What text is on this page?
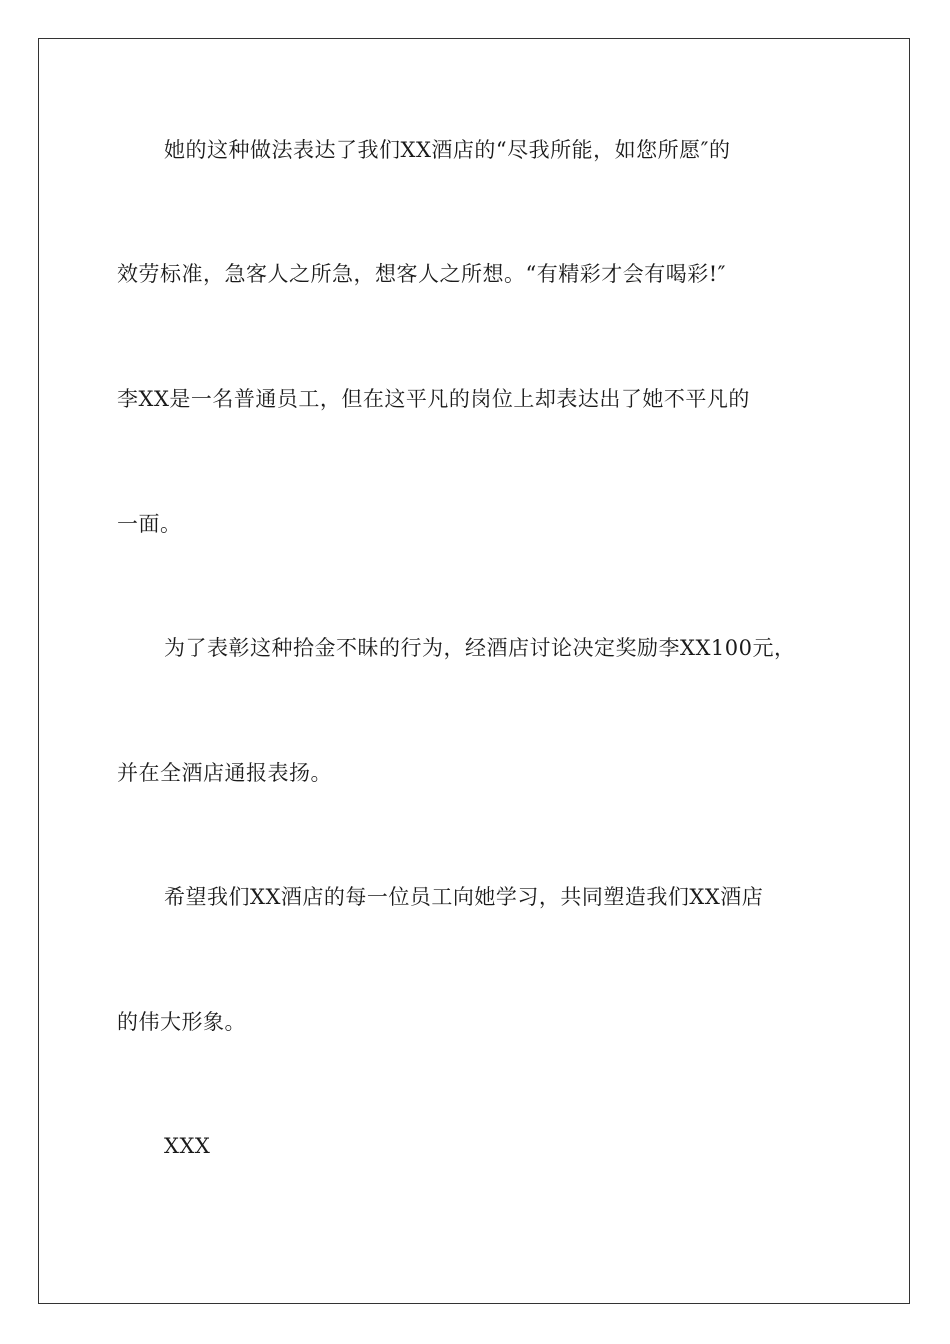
她的这种做法表达了我们XX酒店的“尽我所能，如您所愿″的
效劳标准，急客人之所急，想客人之所想。“有精彩才会有喝彩!″
李XX是一名普通员工，但在这平凡的岗位上却表达出了她不平凡的
一面。
为了表彰这种拾金不昧的行为，经酒店讨论决定奖励李XX100元，
并在全酒店通报表扬。
希望我们XX酒店的每一位员工向她学习，共同塑造我们XX酒店
的伟大形象。
XXX
